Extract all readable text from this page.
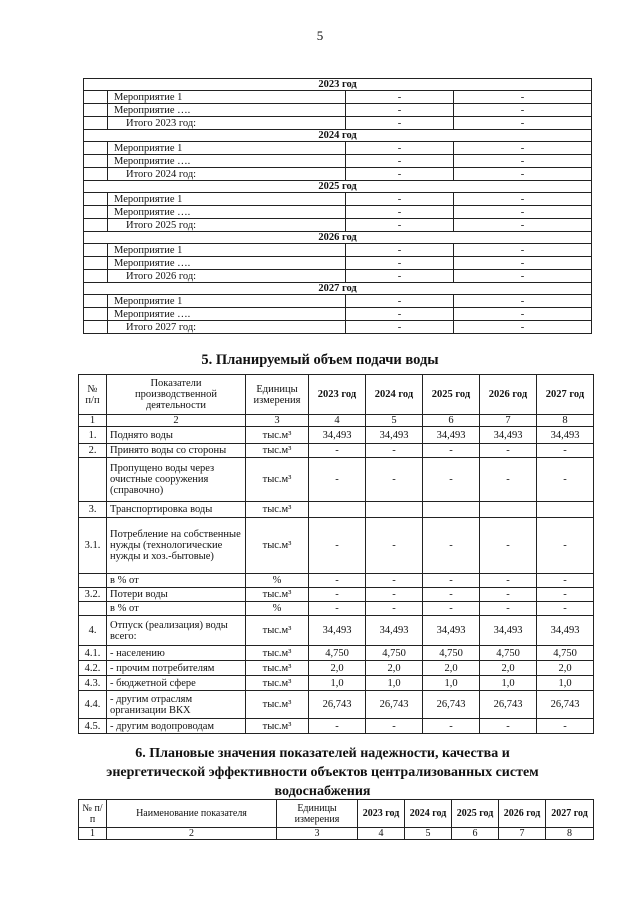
5
2023 год			
	Мероприятие 1	-	-
	Мероприятие ….	-	-
	Итого 2023 год:	-	-
2024 год			
	Мероприятие 1	-	-
	Мероприятие ….	-	-
	Итого 2024 год:	-	-
2025 год			
	Мероприятие 1	-	-
	Мероприятие ….	-	-
	Итого 2025 год:	-	-
2026 год			
	Мероприятие 1	-	-
	Мероприятие ….	-	-
	Итого 2026 год:	-	-
2027 год			
	Мероприятие 1	-	-
	Мероприятие ….	-	-
	Итого 2027 год:	-	-
5. Планируемый объем подачи воды
№ п/п	Показатели производственной деятельности	Единицы измерения	2023 год	2024 год	2025 год	2026 год	2027 год
1	2	3	4	5	6	7	8
1.	Поднято воды	тыс.м³	34,493	34,493	34,493	34,493	34,493
2.	Принято воды со стороны	тыс.м³	-	-	-	-	-
	Пропущено воды через очистные сооружения (справочно)	тыс.м³	-	-	-	-	-
3.	Транспортировка воды	тыс.м³					
3.1.	Потребление на собственные нужды (технологические нужды и хоз.-бытовые)	тыс.м³	-	-	-	-	-
	в % от	%	-	-	-	-	-
3.2.	Потери воды	тыс.м³	-	-	-	-	-
	в % от	%	-	-	-	-	-
4.	Отпуск (реализация) воды всего:	тыс.м³	34,493	34,493	34,493	34,493	34,493
4.1.	- населению	тыс.м³	4,750	4,750	4,750	4,750	4,750
4.2.	- прочим потребителям	тыс.м³	2,0	2,0	2,0	2,0	2,0
4.3.	- бюджетной сфере	тыс.м³	1,0	1,0	1,0	1,0	1,0
4.4.	- другим отраслям организации ВКХ	тыс.м³	26,743	26,743	26,743	26,743	26,743
4.5.	- другим водопроводам	тыс.м³	-	-	-	-	-
6. Плановые значения показателей надежности, качества и энергетической эффективности объектов централизованных систем водоснабжения
№ п/п	Наименование показателя	Единицы измерения	2023 год	2024 год	2025 год	2026 год	2027 год
1	2	3	4	5	6	7	8
